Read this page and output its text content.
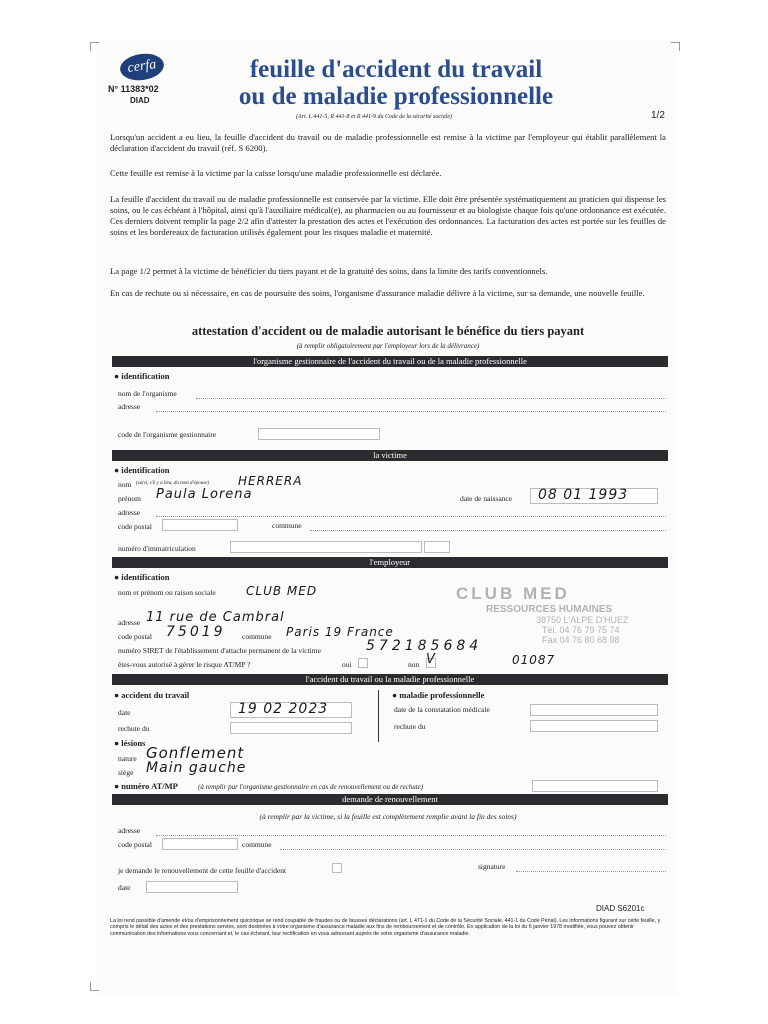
cerfa
N° 11383*02
DIAD
feuille d'accident du travail
ou de maladie professionnelle
(Art. L 441-5, R 441-8 et R 441-9 du Code de la sécurité sociale)	1/2
Lorsqu'un accident a eu lieu, la feuille d'accident du travail ou de maladie professionnelle est remise à la victime par l'employeur qui établit parallèlement la déclaration d'accident du travail (réf. S 6200).
Cette feuille est remise à la victime par la caisse lorsqu'une maladie professionnelle est déclarée.
La feuille d'accident du travail ou de maladie professionnelle est conservée par la victime. Elle doit être présentée systématiquement au praticien qui dispense les soins, ou le cas échéant à l'hôpital, ainsi qu'à l'auxiliaire médical(e), au pharmacien ou au fournisseur et au biologiste chaque fois qu'une ordonnance est exécutée. Ces derniers doivent remplir la page 2/2 afin d'attester la prestation des actes et l'exécution des ordonnances. La facturation des actes est portée sur les feuilles de soins et les bordereaux de facturation utilisés également pour les risques maladie et maternité.
La page 1/2 permet à la victime de bénéficier du tiers payant et de la gratuité des soins, dans la limite des tarifs conventionnels.
En cas de rechute ou si nécessaire, en cas de poursuite des soins, l'organisme d'assurance maladie délivre à la victime, sur sa demande, une nouvelle feuille.
attestation d'accident ou de maladie autorisant le bénéfice du tiers payant
(à remplir obligatoirement par l'employeur lors de la délivrance)
l'organisme gestionnaire de l'accident du travail ou de la maladie professionnelle
● identification
nom de l'organisme
adresse
code de l'organisme gestionnaire
la victime
● identification
nom (suivi, s'il y a lieu, du nom d'épouse) HERRERA
prénom Paula Lorena	date de naissance 08 01 1993
adresse
code postal	commune
numéro d'immatriculation
l'employeur
● identification
CLUB MED
RESSOURCES HUMAINES
38750 L'ALPE D'HUEZ
Tél. 04 76 79 75 74
Fax 04 76 80 68 98
nom et prénom ou raison sociale	CLUB MED
adresse 11 rue de Cambral
code postal 75019 commune Paris 19 France
numéro SIRET de l'établissement d'attache permanent de la victime	572185684
01087
êtes-vous autorisé à gérer le risque AT/MP ?	oui	non V
l'accident du travail ou la maladie professionnelle
● accident du travail
date	19 02 2023
rechute du
● maladie professionnelle
date de la constatation médicale
rechute du
● lésions
nature Gonflement
siège Main gauche
● numéro AT/MP	(à remplir par l'organisme gestionnaire en cas de renouvellement ou de rechute)
demande de renouvellement
(à remplir par la victime, si la feuille est complètement remplie avant la fin des soins)
adresse
code postal	commune
je demande le renouvellement de cette feuille d'accident	signature
date
DIAD S6201c
La loi rend passible d'amende et/ou d'emprisonnement quiconque se rend coupable de fraudes ou de fausses déclarations (art. L 471-1 du Code de la Sécurité Sociale, 441-1 du Code Pénal). Les informations figurant sur cette feuille, y compris le détail des actes et des prestations servies, sont destinées à votre organisme d'assurance maladie aux fins de remboursement et de contrôle. En application de la loi du 6 janvier 1978 modifiée, vous pouvez obtenir communication des informations vous concernant et, le cas échéant, leur rectification en vous adressant auprès de votre organisme d'assurance maladie.
